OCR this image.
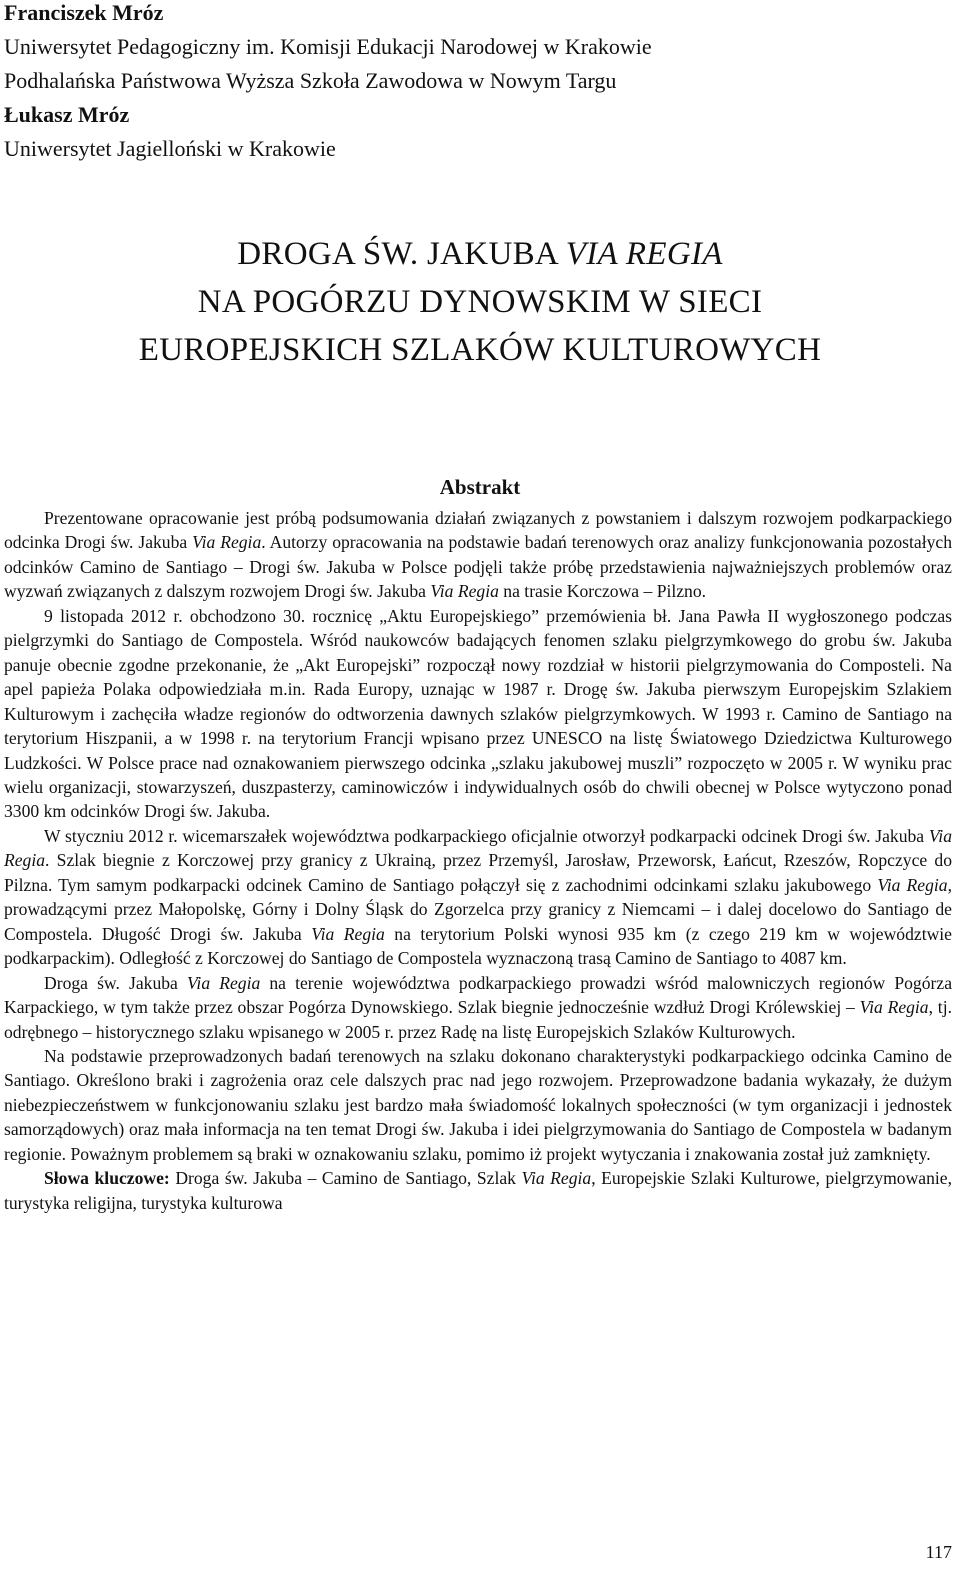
Franciszek Mróz
Uniwersytet Pedagogiczny im. Komisji Edukacji Narodowej w Krakowie
Podhalańska Państwowa Wyższa Szkoła Zawodowa w Nowym Targu
Łukasz Mróz
Uniwersytet Jagielloński w Krakowie
DROGA ŚW. JAKUBA VIA REGIA
NA POGÓRZU DYNOWSKIM W SIECI
EUROPEJSKICH SZLAKÓW KULTUROWYCH
Abstrakt

Prezentowane opracowanie jest próbą podsumowania działań związanych z powstaniem i dalszym rozwojem podkarpackiego odcinka Drogi św. Jakuba Via Regia. Autorzy opracowania na podstawie badań terenowych oraz analizy funkcjonowania pozostałych odcinków Camino de Santiago – Drogi św. Jakuba w Polsce podjęli także próbę przedstawienia najważniejszych problemów oraz wyzwań związanych z dalszym rozwojem Drogi św. Jakuba Via Regia na trasie Korczowa – Pilzno.

9 listopada 2012 r. obchodzono 30. rocznicę „Aktu Europejskiego” przemówienia bł. Jana Pawła II wygłoszonego podczas pielgrzymki do Santiago de Compostela. Wśród naukowców badających fenomen szlaku pielgrzymkowego do grobu św. Jakuba panuje obecnie zgodne przekonanie, że „Akt Europejski” rozpoczął nowy rozdział w historii pielgrzymowania do Composteli. Na apel papieża Polaka odpowiedziała m.in. Rada Europy, uznając w 1987 r. Drogę św. Jakuba pierwszym Europejskim Szlakiem Kulturowym i zachęciła władze regionów do odtworzenia dawnych szlaków pielgrzymkowych. W 1993 r. Camino de Santiago na terytorium Hiszpanii, a w 1998 r. na terytorium Francji wpisano przez UNESCO na listę Światowego Dziedzictwa Kulturowego Ludzkości. W Polsce prace nad oznakowaniem pierwszego odcinka „szlaku jakubowej muszli” rozpoczęto w 2005 r. W wyniku prac wielu organizacji, stowarzyszeń, duszpasterzy, caminowiczów i indywidualnych osób do chwili obecnej w Polsce wytyczono ponad 3300 km odcinków Drogi św. Jakuba.

W styczniu 2012 r. wicemarszałek województwa podkarpackiego oficjalnie otworzył podkarpacki odcinek Drogi św. Jakuba Via Regia. Szlak biegnie z Korczowej przy granicy z Ukrainą, przez Przemyśl, Jarosław, Przeworsk, Łańcut, Rzeszów, Ropczyce do Pilzna. Tym samym podkarpacki odcinek Camino de Santiago połączył się z zachodnimi odcinkami szlaku jakubowego Via Regia, prowadzącymi przez Małopolskę, Górny i Dolny Śląsk do Zgorzelca przy granicy z Niemcami – i dalej docelowo do Santiago de Compostela. Długość Drogi św. Jakuba Via Regia na terytorium Polski wynosi 935 km (z czego 219 km w województwie podkarpackim). Odległość z Korczowej do Santiago de Compostela wyznaczoną trasą Camino de Santiago to 4087 km.

Droga św. Jakuba Via Regia na terenie województwa podkarpackiego prowadzi wśród malowniczych regionów Pogórza Karpackiego, w tym także przez obszar Pogórza Dynowskiego. Szlak biegnie jednocześnie wzdłuż Drogi Królewskiej – Via Regia, tj. odrębnego – historycznego szlaku wpisanego w 2005 r. przez Radę na listę Europejskich Szlaków Kulturowych.

Na podstawie przeprowadzonych badań terenowych na szlaku dokonano charakterystyki podkarpackiego odcinka Camino de Santiago. Określono braki i zagrożenia oraz cele dalszych prac nad jego rozwojem. Przeprowadzone badania wykazały, że dużym niebezpieczeństwem w funkcjonowaniu szlaku jest bardzo mała świadomość lokalnych społeczności (w tym organizacji i jednostek samorządowych) oraz mała informacja na ten temat Drogi św. Jakuba i idei pielgrzymowania do Santiago de Compostela w badanym regionie. Poważnym problemem są braki w oznakowaniu szlaku, pomimo iż projekt wytyczania i znakowania został już zamknięty.

Słowa kluczowe: Droga św. Jakuba – Camino de Santiago, Szlak Via Regia, Europejskie Szlaki Kulturowe, pielgrzymowanie, turystyka religijna, turystyka kulturowa

117
